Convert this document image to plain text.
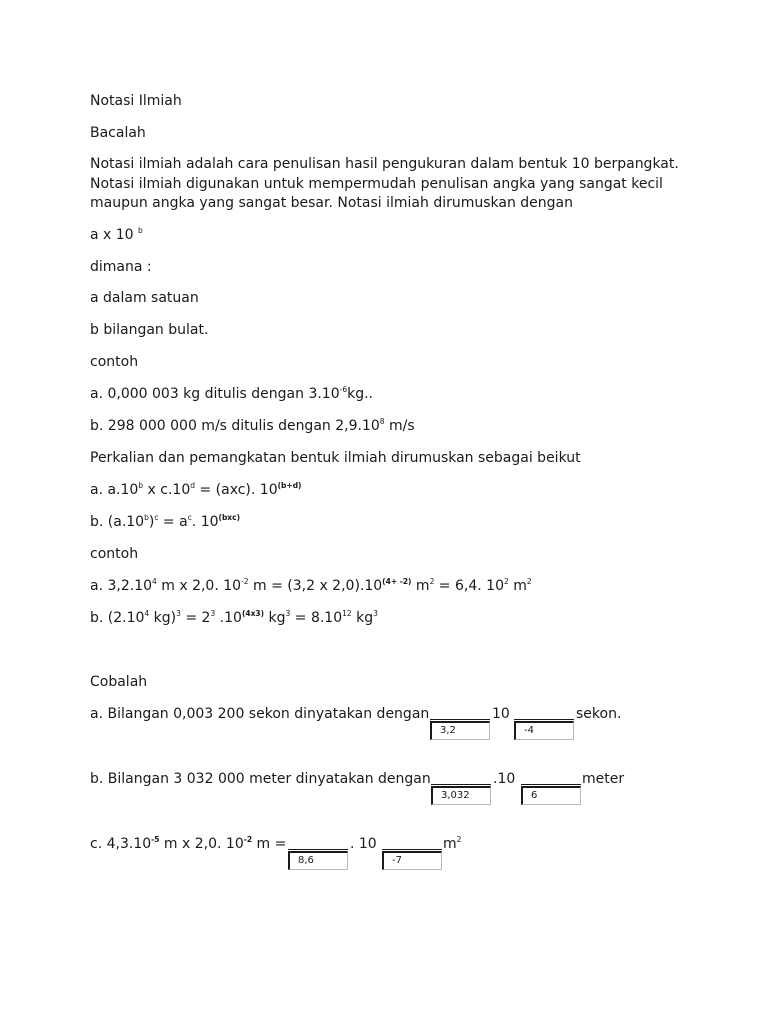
Notasi Ilmiah
Bacalah
Notasi ilmiah adalah cara penulisan hasil pengukuran dalam bentuk 10 berpangkat. Notasi ilmiah digunakan untuk mempermudah penulisan angka yang sangat kecil maupun angka yang sangat besar. Notasi ilmiah dirumuskan dengan
a x 10 $^b$
dimana :
a dalam satuan
b bilangan bulat.
contoh
a. 0,000 003 kg ditulis dengan $3.10^{-6}kg$..
b. 298 000 000 m/s ditulis dengan 2,9.10$^8$ m/s
Perkalian dan pemangkatan bentuk ilmiah dirumuskan sebagai beikut
a. a.10$^b$ x c.10$^d$ = (axc). $10^{(b+d)}$
b. $(a.10^b)^c = a^c$. $10^{(bxc)}$
contoh
a. 3,2.10$^4$ m x 2,0. $10^{-2}$ m = (3,2 x $2,0).10^{(4+ -2)}$ $m^2 = 6,4$. $10^2$ $m^2$
b. (2.10$^4$ $kg)^3 = 2^3$ $.10^{(4x3)}$ $kg^3 = 8.10^{12}$ $kg^3$
Cobalah
a. Bilangan 0,003 200 sekon dinyatakan dengan
3,2
10
-4
sekon.
b. Bilangan 3 032 000 meter dinyatakan dengan
3,032
.10
6
meter
c. $4,3.10^{-5}$ m x 2,0. $10^{-2}$ m =
8,6
. 10
-7
$m^2$
